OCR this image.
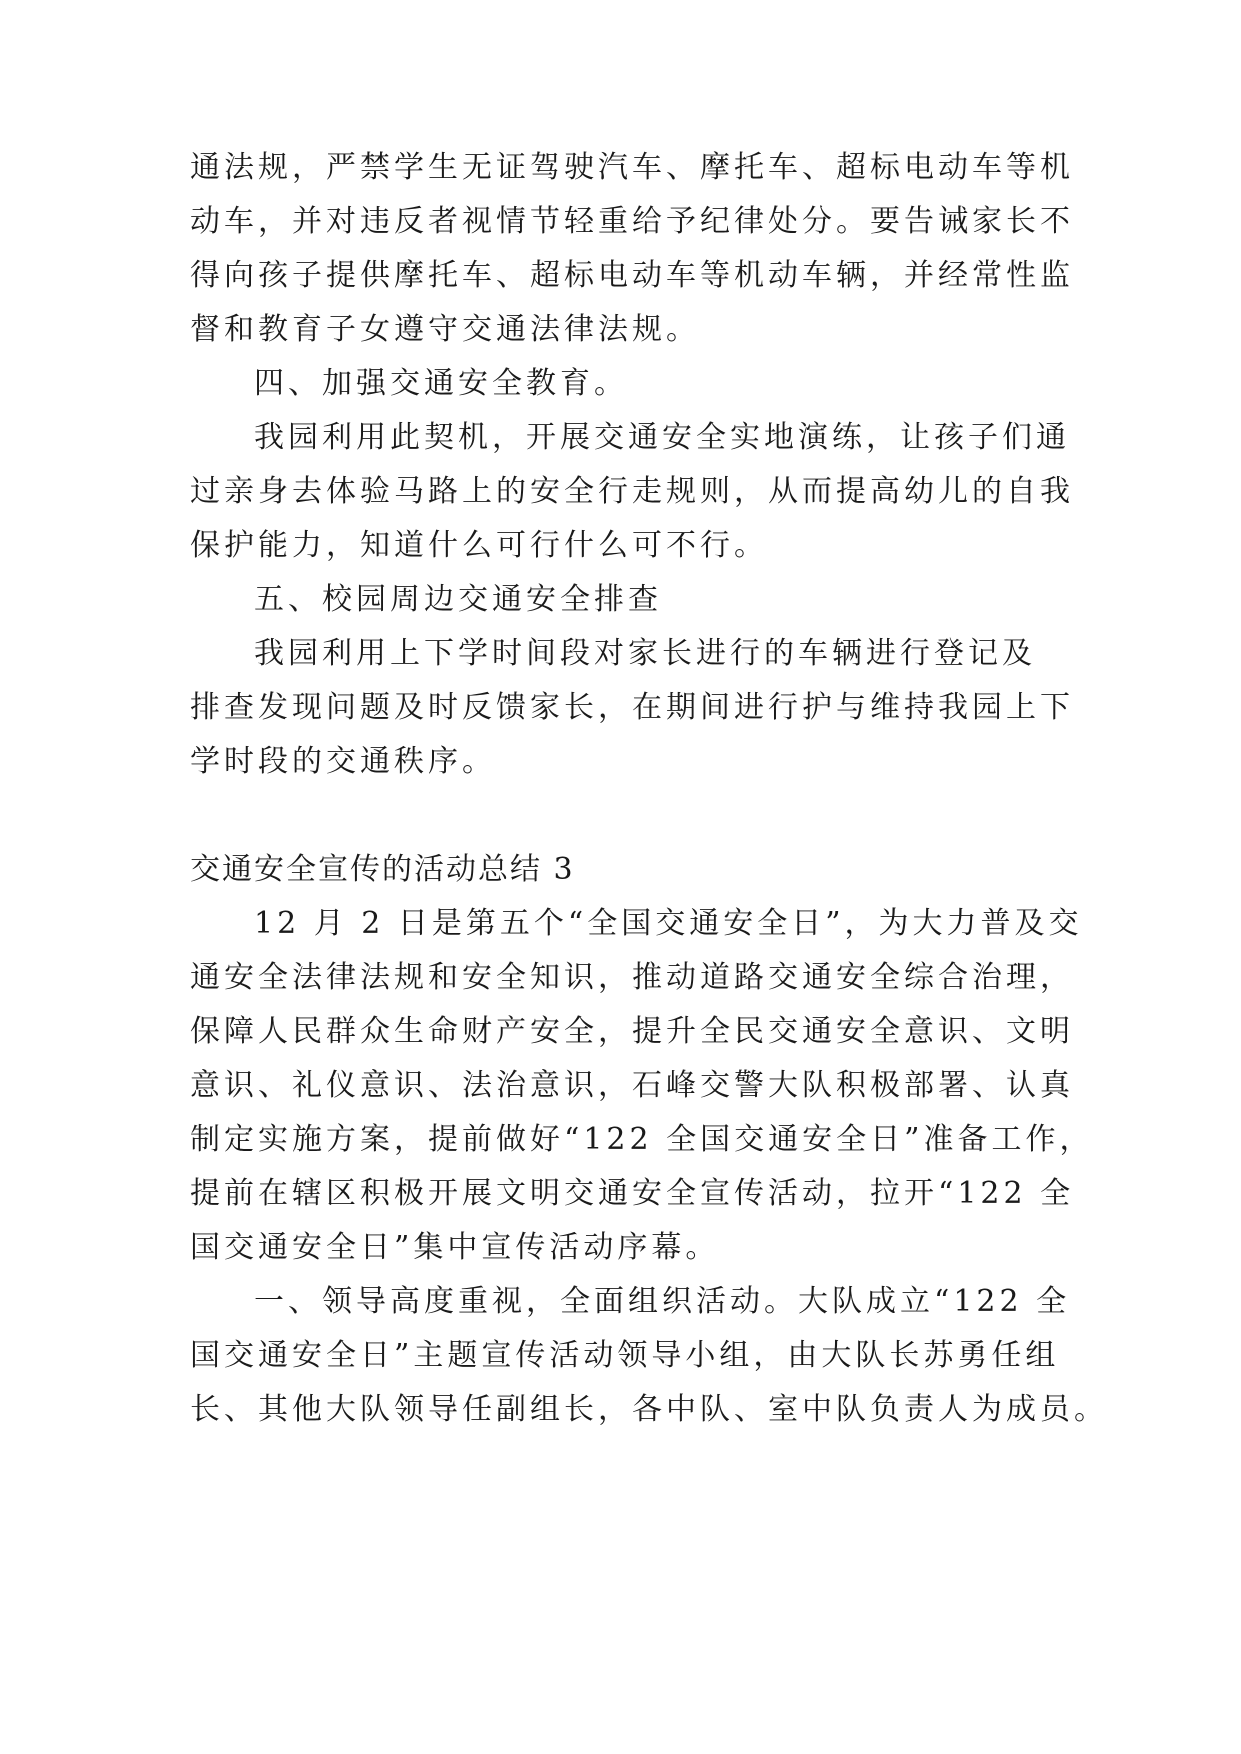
通法规，严禁学生无证驾驶汽车、摩托车、超标电动车等机
动车，并对违反者视情节轻重给予纪律处分。要告诫家长不
得向孩子提供摩托车、超标电动车等机动车辆，并经常性监
督和教育子女遵守交通法律法规。
四、加强交通安全教育。
我园利用此契机，开展交通安全实地演练，让孩子们通
过亲身去体验马路上的安全行走规则，从而提高幼儿的自我
保护能力，知道什么可行什么可不行。
五、校园周边交通安全排查
我园利用上下学时间段对家长进行的车辆进行登记及
排查发现问题及时反馈家长，在期间进行护与维持我园上下
学时段的交通秩序。
交通安全宣传的活动总结 3
12 月 2 日是第五个“全国交通安全日”，为大力普及交
通安全法律法规和安全知识，推动道路交通安全综合治理，
保障人民群众生命财产安全，提升全民交通安全意识、文明
意识、礼仪意识、法治意识，石峰交警大队积极部署、认真
制定实施方案，提前做好“122 全国交通安全日”准备工作，
提前在辖区积极开展文明交通安全宣传活动，拉开“122 全
国交通安全日”集中宣传活动序幕。
一、领导高度重视，全面组织活动。大队成立“122 全
国交通安全日”主题宣传活动领导小组，由大队长苏勇任组
长、其他大队领导任副组长，各中队、室中队负责人为成员。
